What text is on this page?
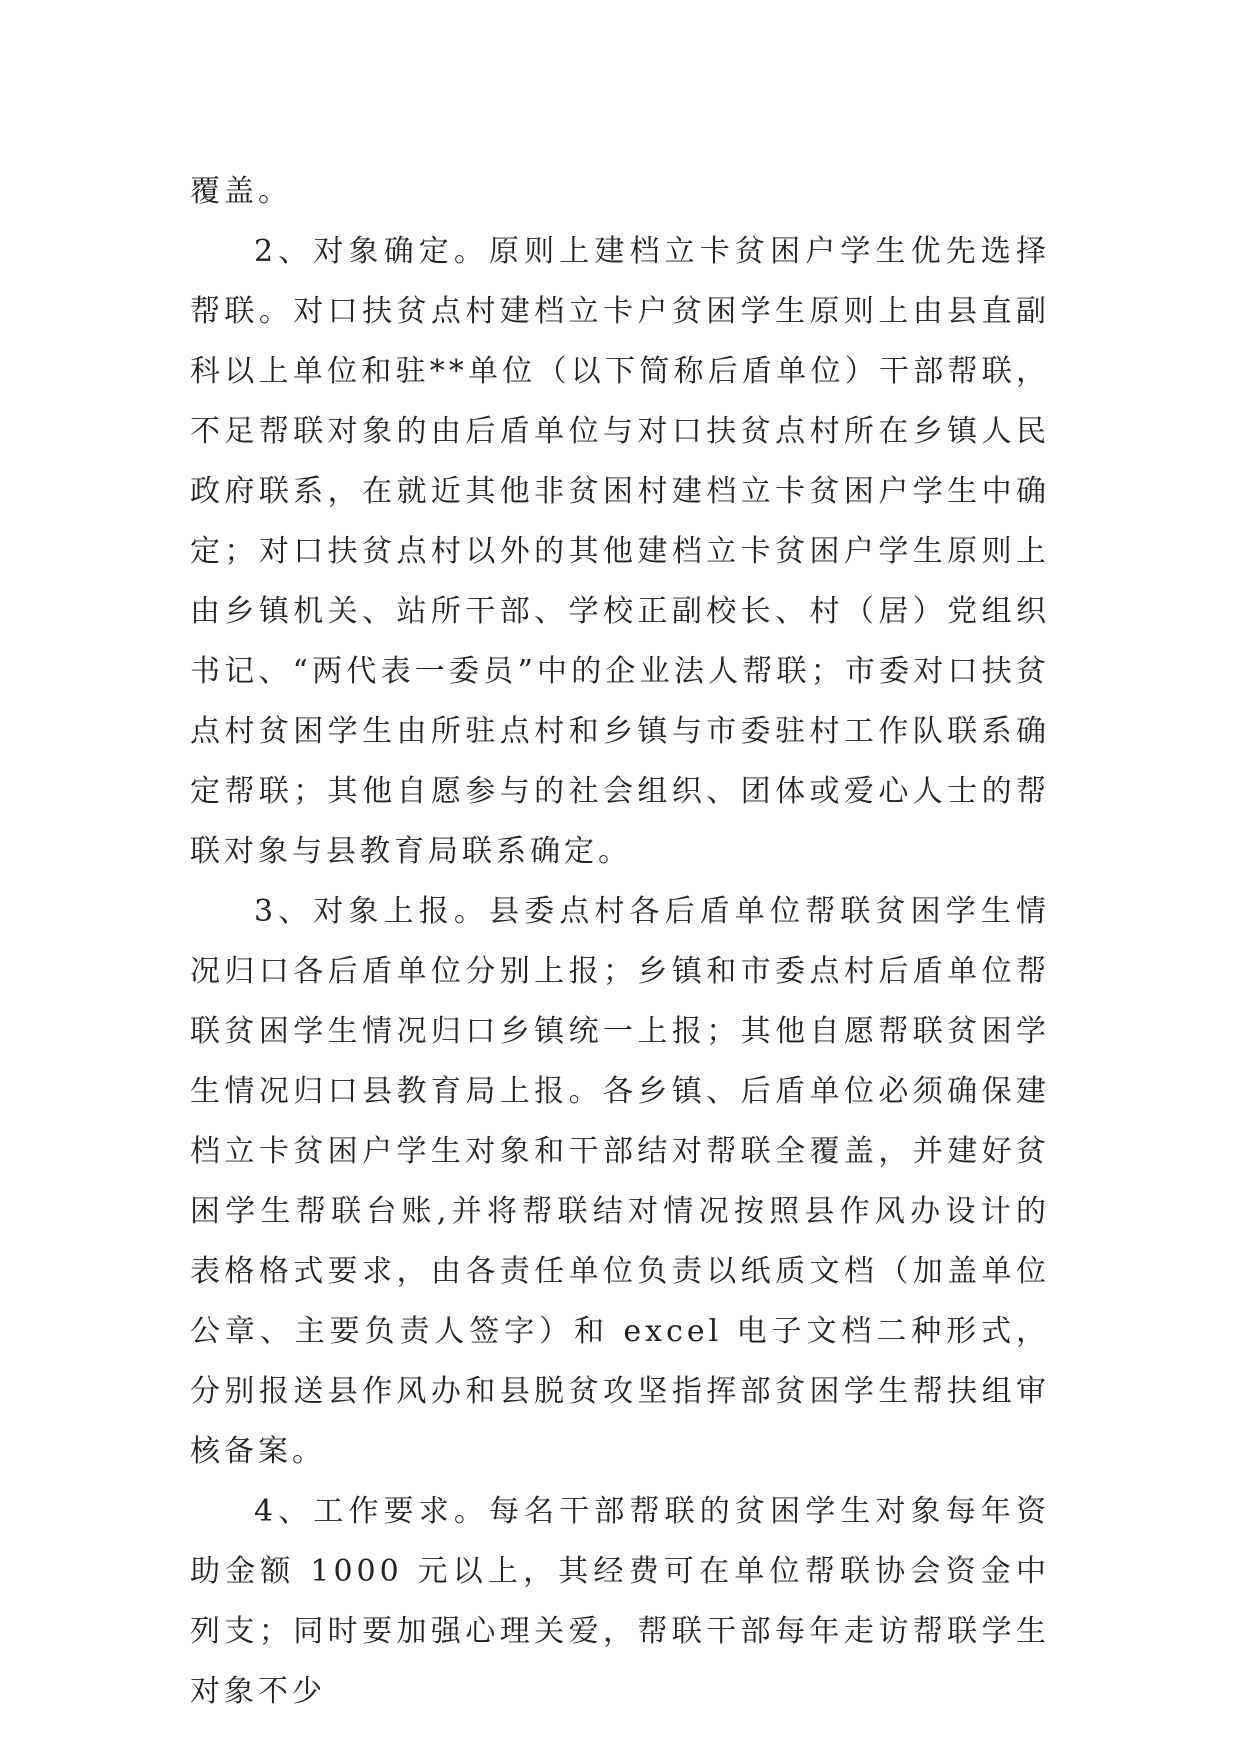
覆盖。

2、对象确定。原则上建档立卡贫困户学生优先选择帮联。对口扶贫点村建档立卡户贫困学生原则上由县直副科以上单位和驻**单位（以下简称后盾单位）干部帮联，不足帮联对象的由后盾单位与对口扶贫点村所在乡镇人民政府联系，在就近其他非贫困村建档立卡贫困户学生中确定；对口扶贫点村以外的其他建档立卡贫困户学生原则上由乡镇机关、站所干部、学校正副校长、村（居）党组织书记、“两代表一委员”中的企业法人帮联；市委对口扶贫点村贫困学生由所驻点村和乡镇与市委驻村工作队联系确定帮联；其他自愿参与的社会组织、团体或爱心人士的帮联对象与县教育局联系确定。

3、对象上报。县委点村各后盾单位帮联贫困学生情况归口各后盾单位分别上报；乡镇和市委点村后盾单位帮联贫困学生情况归口乡镇统一上报；其他自愿帮联贫困学生情况归口县教育局上报。各乡镇、后盾单位必须确保建档立卡贫困户学生对象和干部结对帮联全覆盖，并建好贫困学生帮联台账,并将帮联结对情况按照县作风办设计的表格格式要求，由各责任单位负责以纸质文档（加盖单位公章、主要负责人签字）和 excel 电子文档二种形式，分别报送县作风办和县脱贫攻坚指挥部贫困学生帮扶组审核备案。

4、工作要求。每名干部帮联的贫困学生对象每年资助金额 1000 元以上，其经费可在单位帮联协会资金中列支；同时要加强心理关爱，帮联干部每年走访帮联学生对象不少
